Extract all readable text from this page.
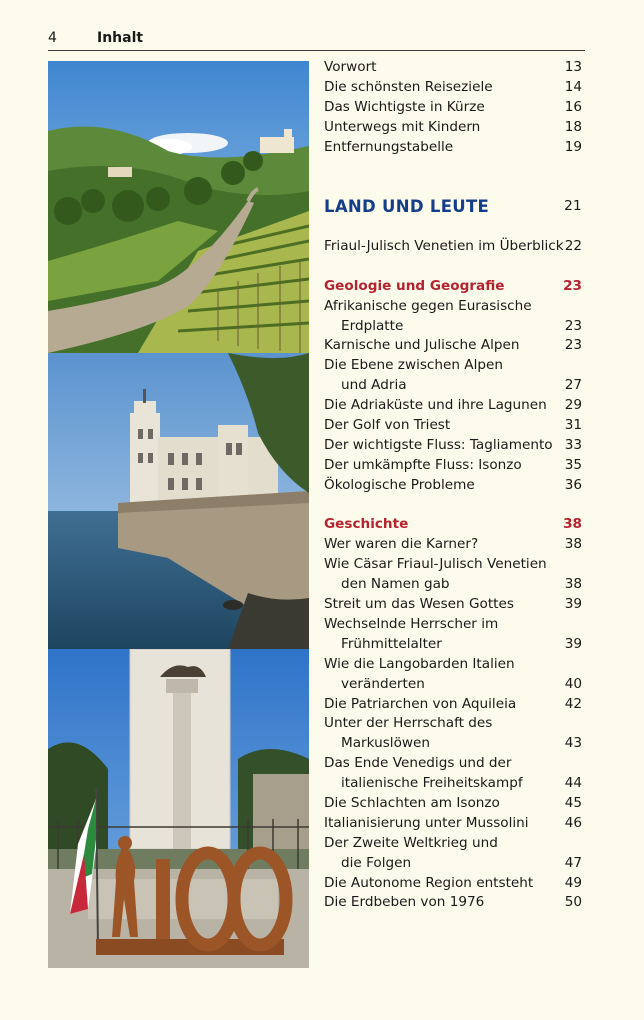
4	Inhalt
Vorwort	13
Die schönsten Reiseziele	14
Das Wichtigste in Kürze	16
Unterwegs mit Kindern	18
Entfernungstabelle	19
LAND UND LEUTE	21
Friaul-Julisch Venetien im Überblick 22
Geologie und Geografie	23
Afrikanische gegen Eurasische
Erdplatte	23
Karnische und Julische Alpen	23
Die Ebene zwischen Alpen
und Adria	27
Die Adriaküste und ihre Lagunen 29
Der Golf von Triest	31
Der wichtigste Fluss: Tagliamento 33
Der umkämpfte Fluss: Isonzo	35
Ökologische Probleme	36
Geschichte	38
Wer waren die Karner?	38
Wie Cäsar Friaul-Julisch Venetien
den Namen gab	38
Streit um das Wesen Gottes	39
Wechselnde Herrscher im
Frühmittelalter	39
Wie die Langobarden Italien
veränderten	40
Die Patriarchen von Aquileia	42
Unter der Herrschaft des
Markuslöwen	43
Das Ende Venedigs und der
italienische Freiheitskampf	44
Die Schlachten am Isonzo	45
Italianisierung unter Mussolini	46
Der Zweite Weltkrieg und
die Folgen	47
Die Autonome Region entsteht 49
Die Erdbeben von 1976	50
